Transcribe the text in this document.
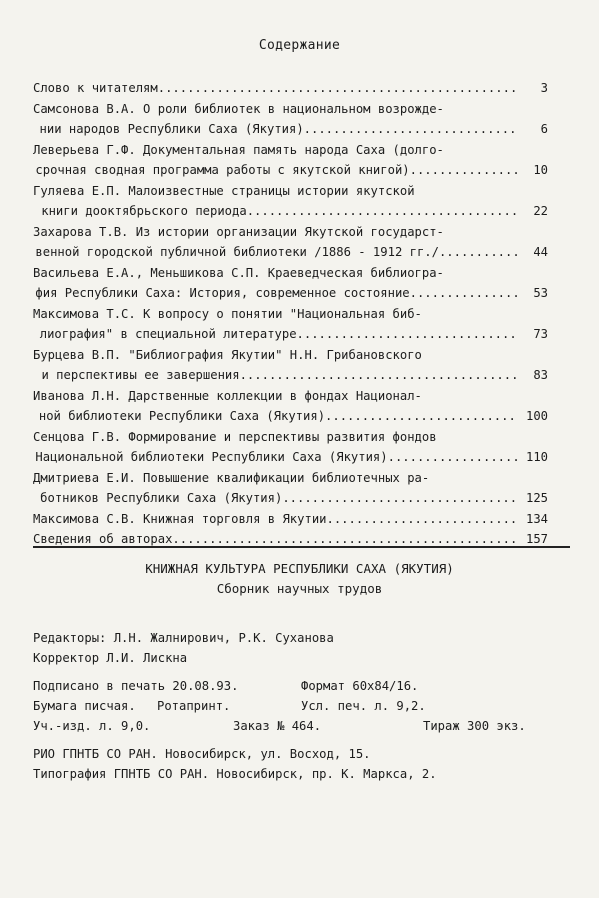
Содержание
Слово к читателям .....	3
Самсонова В.А. О роли библиотек в национальном возрожде-
нии народов Республики Саха (Якутия) .....	6
Леверьева Г.Ф. Документальная память народа Саха (долго-
срочная сводная программа работы с якутской книгой).... .....	10
Гуляева Е.П. Малоизвестные страницы истории якутской
книги дооктябрьского периода .....	22
Захарова Т.В. Из истории организации Якутской государст-
венной городской публичной библиотеки /1886 - 1912 гг./ .....	44
Васильева Е.А., Меньшикова С.П. Краеведческая библиогра-
фия Республики Саха: История, современное состояние.... .....	53
Максимова Т.С. К вопросу о понятии "Национальная биб-
лиография" в специальной литературе .....	73
Бурцева В.П. "Библиография Якутии" Н.Н. Грибановского
и перспективы ее завершения .....	83
Иванова Л.Н. Дарственные коллекции в фондах Национал-
ной библиотеки Республики Саха (Якутия) .....	100
Сенцова Г.В. Формирование и перспективы развития фондов
Национальной библиотеки Республики Саха (Якутия)....... .....	110
Дмитриева Е.И. Повышение квалификации библиотечных ра-
ботников Республики Саха (Якутия) .....	125
Максимова С.В. Книжная торговля в Якутии .....	134
Сведения об авторах .....	157
КНИЖНАЯ КУЛЬТУРА РЕСПУБЛИКИ САХА (ЯКУТИЯ)
Сборник научных трудов
Редакторы: Л.Н. Жалнирович, Р.К. Суханова
Корректор Л.И. Лискна
Подписано в печать 20.08.93.	Формат 60х84/16.
Бумага писчая.	Ротапринт.	Усл. печ. л. 9,2.
Уч.-изд. л. 9,0.	Заказ № 464.	Тираж 300 экз.
РИО ГПНТБ СО РАН. Новосибирск, ул. Восход, 15.
Типография ГПНТБ СО РАН. Новосибирск, пр. К. Маркса, 2.
